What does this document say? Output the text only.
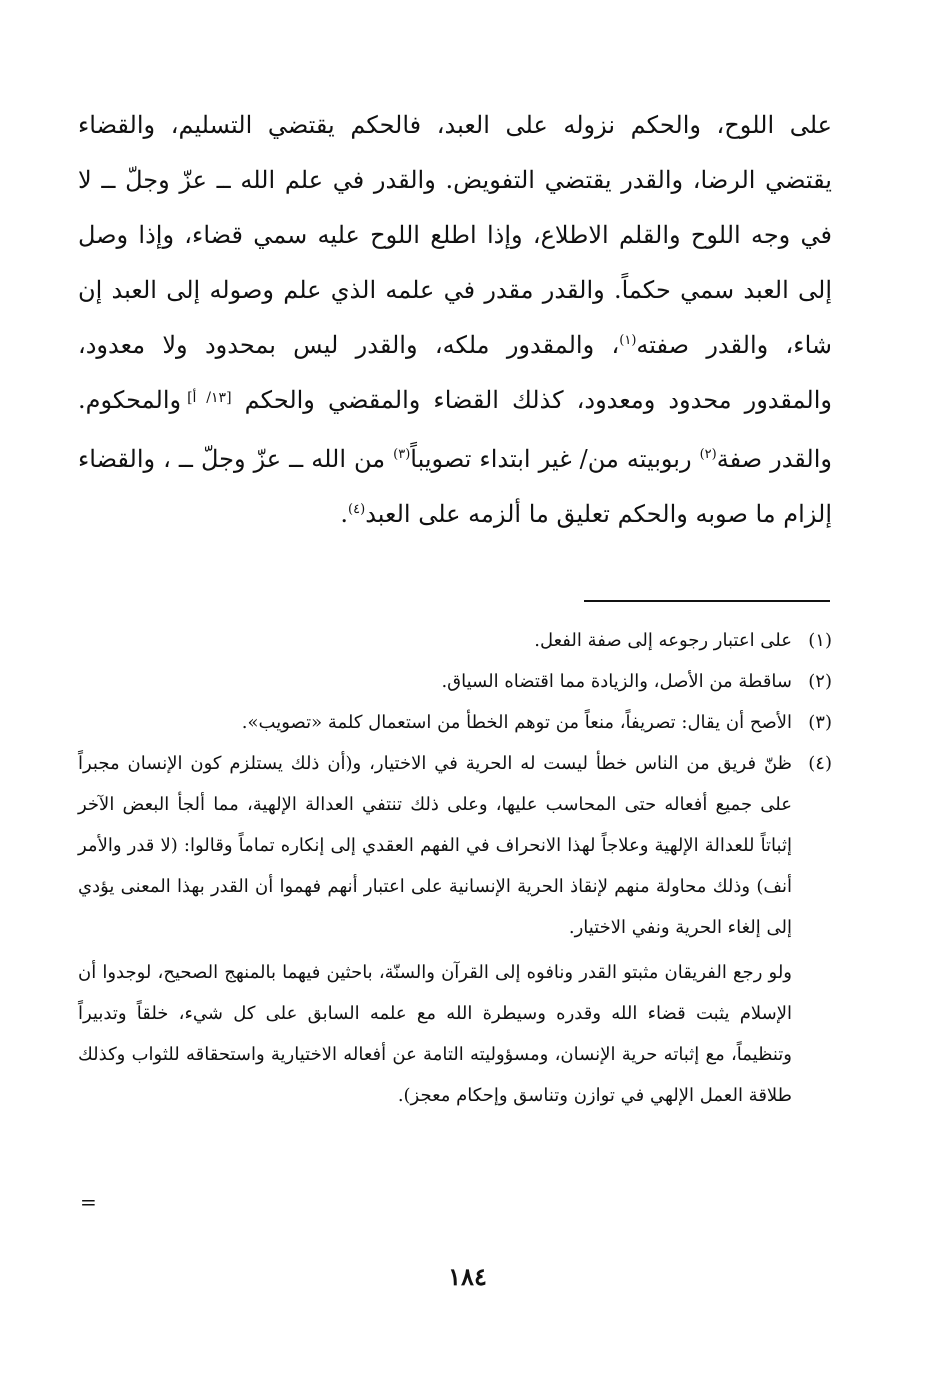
على اللوح، والحكم نزوله على العبد، فالحكم يقتضي التسليم، والقضاء يقتضي الرضا، والقدر يقتضي التفويض. والقدر في علم الله ــ عزّ وجلّ ــ لا في وجه اللوح والقلم الاطلاع، وإذا اطلع اللوح عليه سمي قضاء، وإذا وصل إلى العبد سمي حكماً. والقدر مقدر في علمه الذي علم وصوله إلى العبد إن شاء، والقدر صفته$^{(١)}$، والمقدور ملكه، والقدر ليس بمحدود ولا معدود، والمقدور محدود ومعدود، كذلك القضاء والمقضي والحكم [١٣/ أ]والمحكوم. والقدر صفة$^{(٢)}$ ربوبيته من/ غير ابتداء تصويباً$^{(٣)}$ من الله ــ عزّ وجلّ ــ ، والقضاء إلزام ما صوبه والحكم تعليق ما ألزمه على العبد$^{(٤)}$.

(١)
على اعتبار رجوعه إلى صفة الفعل.
(٢)
ساقطة من الأصل، والزيادة مما اقتضاه السياق.
(٣)
الأصح أن يقال: تصريفاً، منعاً من توهم الخطأ من استعمال كلمة «تصويب».
(٤)
ظنّ فريق من الناس خطأ ليست له الحرية في الاختيار، و(أن ذلك يستلزم كون الإنسان مجبراً على جميع أفعاله حتى المحاسب عليها، وعلى ذلك تنتفي العدالة الإلهية، مما ألجأ البعض الآخر إثباتاً للعدالة الإلهية وعلاجاً لهذا الانحراف في الفهم العقدي إلى إنكاره تماماً وقالوا: (لا قدر والأمر أنف) وذلك محاولة منهم لإنقاذ الحرية الإنسانية على اعتبار أنهم فهموا أن القدر بهذا المعنى يؤدي إلى إلغاء الحرية ونفي الاختيار.
ولو رجع الفريقان مثبتو القدر ونافوه إلى القرآن والسنّة، باحثين فيهما بالمنهج الصحيح، لوجدوا أن الإسلام يثبت قضاء الله وقدره وسيطرة الله مع علمه السابق على كل شيء، خلقاً وتدبيراً وتنظيماً، مع إثباته حرية الإنسان، ومسؤوليته التامة عن أفعاله الاختيارية واستحقاقه للثواب وكذلك طلاقة العمل الإلهي في توازن وتناسق وإحكام معجز).
=
١٨٤
